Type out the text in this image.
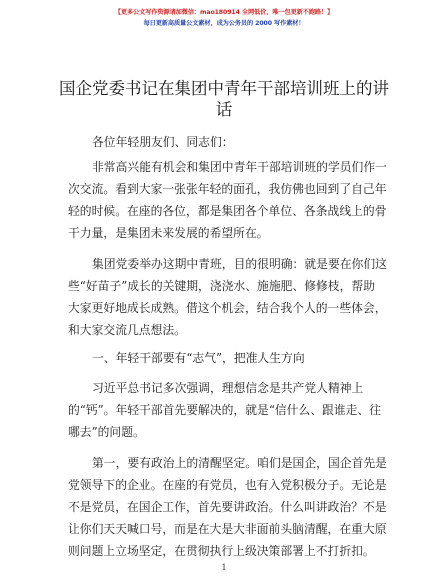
【更多公文写作资源请加微信：mao180914 全网低价，唯一包更新不跑路！】
每日更新高质量公文素材，成为公务员的 2000 写作素材！
国企党委书记在集团中青年干部培训班上的讲话
各位年轻朋友们、同志们：
非常高兴能有机会和集团中青年干部培训班的学员们作一
次交流。看到大家一张张年轻的面孔，我仿佛也回到了自己年
轻的时候。在座的各位，都是集团各个单位、各条战线上的骨
干力量，是集团未来发展的希望所在。
集团党委举办这期中青班，目的很明确：就是要在你们这
些“好苗子”成长的关键期，浇浇水、施施肥、修修枝，帮助
大家更好地成长成熟。借这个机会，结合我个人的一些体会，
和大家交流几点想法。
一、年轻干部要有“志气”，把准人生方向
习近平总书记多次强调，理想信念是共产党人精神上
的“钙”。年轻干部首先要解决的，就是“信什么、跟谁走、往
哪去”的问题。
第一，要有政治上的清醒坚定。咱们是国企，国企首先是
党领导下的企业。在座的有党员，也有入党积极分子。无论是
不是党员，在国企工作，首先要讲政治。什么叫讲政治？不是
让你们天天喊口号，而是在大是大非面前头脑清醒，在重大原
则问题上立场坚定，在贯彻执行上级决策部署上不打折扣。
1
